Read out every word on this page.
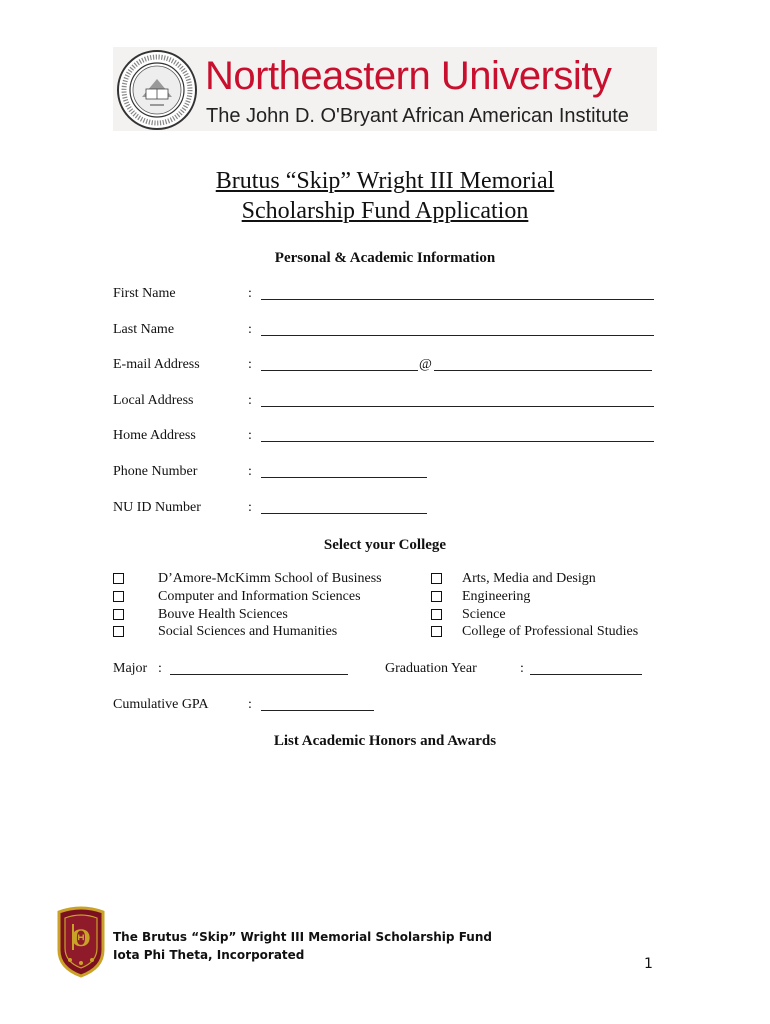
Northeastern University
The John D. O'Bryant African American Institute
Brutus “Skip” Wright III Memorial
Scholarship Fund Application
Personal & Academic Information
First Name	:
Last Name	:
E-mail Address	:	@
Local Address	:
Home Address	:
Phone Number	:
NU ID Number	:
Select your College
D’Amore-McKimm School of Business
Computer and Information Sciences
Bouve Health Sciences
Social Sciences and Humanities
Arts, Media and Design
Engineering
Science
College of Professional Studies
Major :	Graduation Year	:
Cumulative GPA	:
List Academic Honors and Awards
Θ The Brutus “Skip” Wright III Memorial Scholarship Fund
Iota Phi Theta, Incorporated
1
